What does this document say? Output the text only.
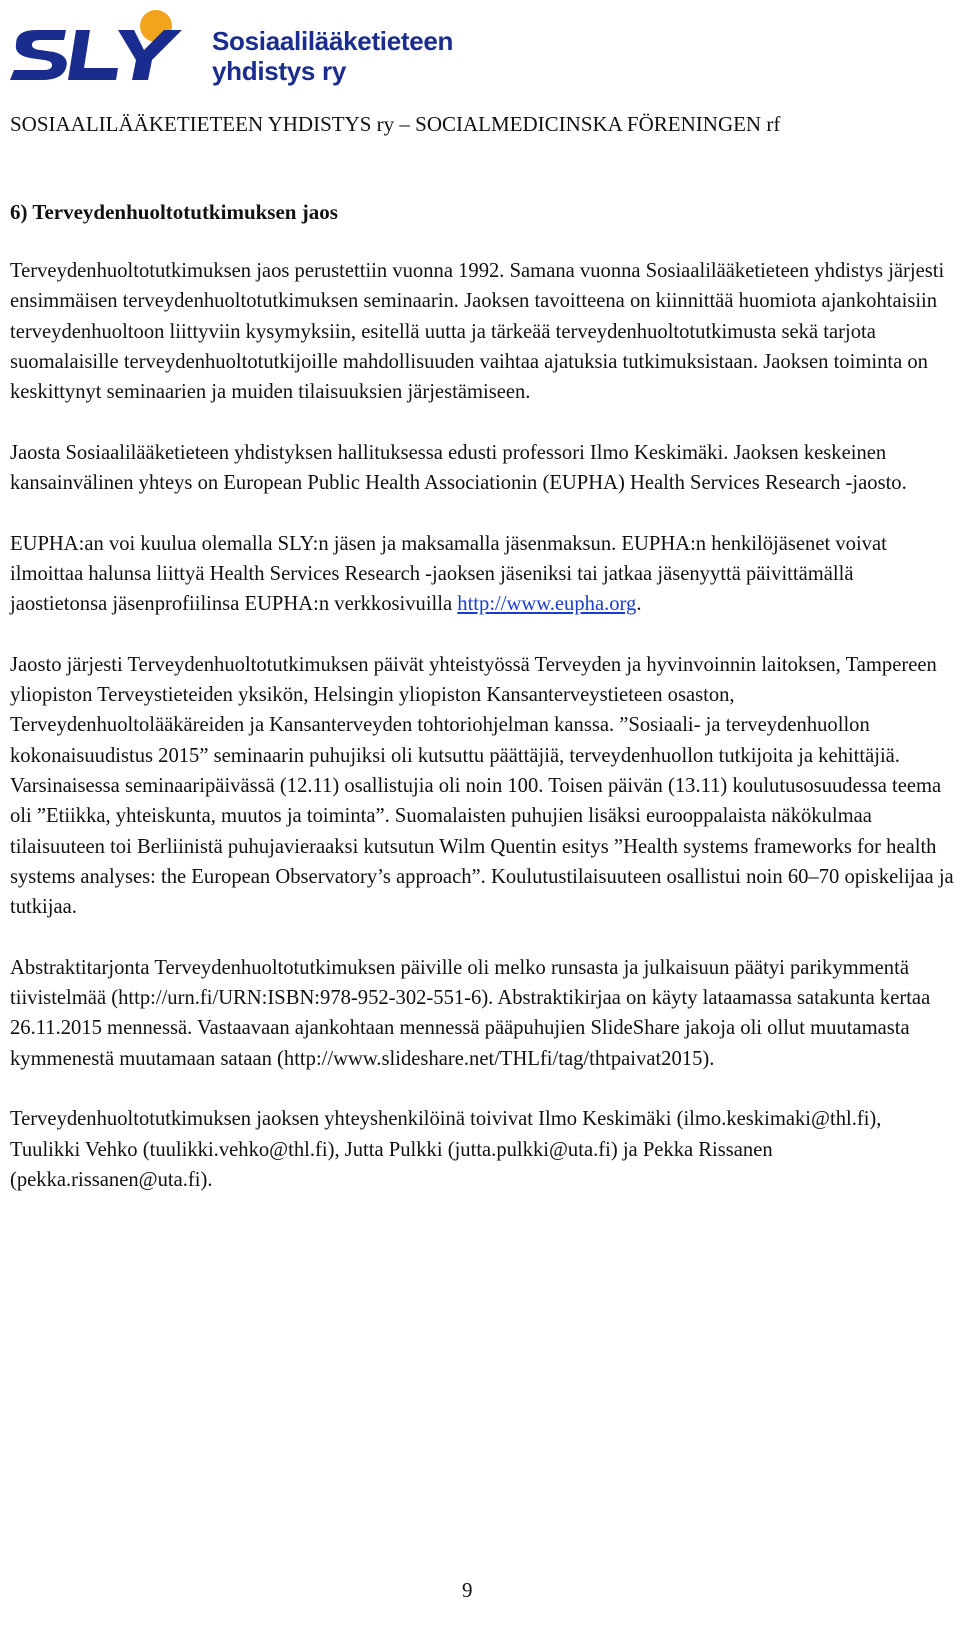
Sosiaalilääketieteen
yhdistys ry
SOSIAALILÄÄKETIETEEN YHDISTYS ry – SOCIALMEDICINSKA FÖRENINGEN rf
6) Terveydenhuoltotutkimuksen jaos

Terveydenhuoltotutkimuksen jaos perustettiin vuonna 1992. Samana vuonna Sosiaalilääketieteen yhdistys järjesti ensimmäisen terveydenhuoltotutkimuksen seminaarin. Jaoksen tavoitteena on kiinnittää huomiota ajankohtaisiin terveydenhuoltoon liittyviin kysymyksiin, esitellä uutta ja tärkeää terveydenhuoltotutkimusta sekä tarjota suomalaisille terveydenhuoltotutkijoille mahdollisuuden vaihtaa ajatuksia tutkimuksistaan. Jaoksen toiminta on keskittynyt seminaarien ja muiden tilaisuuksien järjestämiseen.

Jaosta Sosiaalilääketieteen yhdistyksen hallituksessa edusti professori Ilmo Keskimäki. Jaoksen keskeinen kansainvälinen yhteys on European Public Health Associationin (EUPHA) Health Services Research -jaosto.

EUPHA:an voi kuulua olemalla SLY:n jäsen ja maksamalla jäsenmaksun. EUPHA:n henkilöjäsenet voivat ilmoittaa halunsa liittyä Health Services Research -jaoksen jäseniksi tai jatkaa jäsenyyttä päivittämällä jaostietonsa jäsenprofiilinsa EUPHA:n verkkosivuilla http://www.eupha.org.

Jaosto järjesti Terveydenhuoltotutkimuksen päivät yhteistyössä Terveyden ja hyvinvoinnin laitoksen, Tampereen yliopiston Terveystieteiden yksikön, Helsingin yliopiston Kansanterveystieteen osaston, Terveydenhuoltolääkäreiden ja Kansanterveyden tohtoriohjelman kanssa. ”Sosiaali- ja terveydenhuollon kokonaisuudistus 2015” seminaarin puhujiksi oli kutsuttu päättäjiä, terveydenhuollon tutkijoita ja kehittäjiä. Varsinaisessa seminaaripäivässä (12.11) osallistujia oli noin 100. Toisen päivän (13.11) koulutusosuudessa teema oli ”Etiikka, yhteiskunta, muutos ja toiminta”. Suomalaisten puhujien lisäksi eurooppalaista näkökulmaa tilaisuuteen toi Berliinistä puhujavieraaksi kutsutun Wilm Quentin esitys ”Health systems frameworks for health systems analyses: the European Observatory’s approach”. Koulutustilaisuuteen osallistui noin 60–70 opiskelijaa ja tutkijaa.

Abstraktitarjonta Terveydenhuoltotutkimuksen päiville oli melko runsasta ja julkaisuun päätyi parikymmentä tiivistelmää (http://urn.fi/URN:ISBN:978-952-302-551-6). Abstraktikirjaa on käyty lataamassa satakunta kertaa 26.11.2015 mennessä. Vastaavaan ajankohtaan mennessä pääpuhujien SlideShare jakoja oli ollut muutamasta kymmenestä muutamaan sataan (http://www.slideshare.net/THLfi/tag/thtpaivat2015).

Terveydenhuoltotutkimuksen jaoksen yhteyshenkilöinä toivivat Ilmo Keskimäki (ilmo.keskimaki@thl.fi), Tuulikki Vehko (tuulikki.vehko@thl.fi), Jutta Pulkki (jutta.pulkki@uta.fi) ja Pekka Rissanen (pekka.rissanen@uta.fi).

9
